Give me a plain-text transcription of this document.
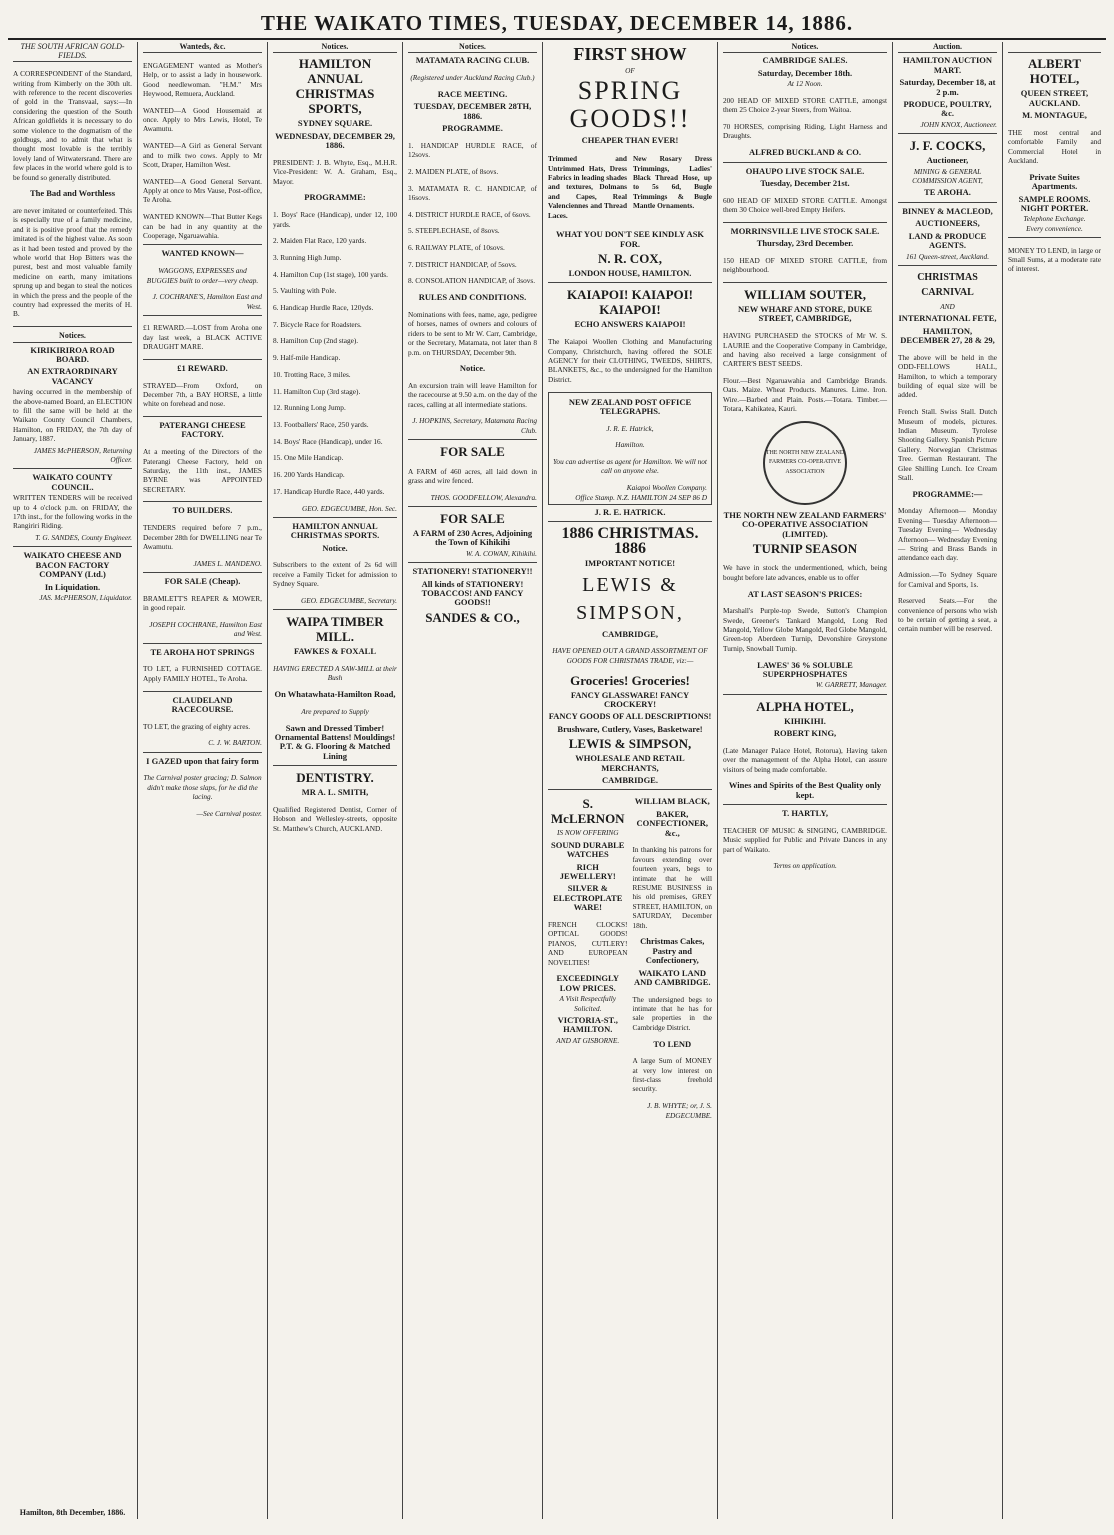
THE WAIKATO TIMES, TUESDAY, DECEMBER 14, 1886.
THE SOUTH AFRICAN GOLD-FIELDS.

A CORRESPONDENT of the Standard, writing from Kimberly on the 30th ult. with reference to the recent discoveries of gold in the Transvaal, says:—In considering the question of the South African goldfields it is necessary to do some violence to the dogmatism of the goldbugs, and to admit that what is thought most lovable is the terribly lovely land of Witwatersrand. There are few places in the world where gold is to be found so generally distributed.

The Bad and Worthless

are never imitated or counterfeited. This is especially true of a family medicine, and it is positive proof that the remedy imitated is of the highest value. As soon as it had been tested and proved by the whole world that Hop Bitters was the purest, best and most valuable family medicine on earth, many imitations sprung up and began to steal the notices in which the press and the people of the country had expressed the merits of H. B.

Notices.
KIRIKIRIROA ROAD BOARD.
AN EXTRAORDINARY VACANCY

having occurred in the membership of the above-named Board, an ELECTION to fill the same will be held at the Waikato County Council Chambers, Hamilton, on FRIDAY, the 7th day of January, 1887.

JAMES McPHERSON, Returning Officer.
WAIKATO COUNTY COUNCIL.

WRITTEN TENDERS will be received up to 4 o'clock p.m. on FRIDAY, the 17th inst., for the following works in the Rangiriri Riding.

T. G. SANDES, County Engineer.
WAIKATO CHEESE AND BACON FACTORY COMPANY (Ltd.)
In Liquidation.
JAS. McPHERSON, Liquidator.
Hamilton, 8th December, 1886.
Wanteds, &c.

ENGAGEMENT wanted as Mother's Help, or to assist a lady in housework. Good needlewoman. "H.M." Mrs Heywood, Remuera, Auckland.

WANTED—A Good Housemaid at once. Apply to Mrs Lewis, Hotel, Te Awamutu.

WANTED—A Girl as General Servant and to milk two cows. Apply to Mr Scott, Draper, Hamilton West.

WANTED—A Good General Servant. Apply at once to Mrs Vause, Post-office, Te Aroha.

WANTED KNOWN—That Butter Kegs can be had in any quantity at the Cooperage, Ngaruawahia.

WANTED KNOWN—

WAGGONS, EXPRESSES and BUGGIES built to order—very cheap.

J. COCHRANE'S, Hamilton East and West.

£1 REWARD.—LOST from Aroha one day last week, a BLACK ACTIVE DRAUGHT MARE.

£1 REWARD.

STRAYED—From Oxford, on December 7th, a BAY HORSE, a little white on forehead and nose.

PATERANGI CHEESE FACTORY.

At a meeting of the Directors of the Paterangi Cheese Factory, held on Saturday, the 11th inst., JAMES BYRNE was APPOINTED SECRETARY.

TO BUILDERS.

TENDERS required before 7 p.m., December 28th for DWELLING near Te Awamutu.

JAMES L. MANDENO.
FOR SALE (Cheap).

BRAMLETT'S REAPER & MOWER, in good repair.

JOSEPH COCHRANE, Hamilton East and West.
TE AROHA HOT SPRINGS

TO LET, a FURNISHED COTTAGE. Apply FAMILY HOTEL, Te Aroha.

CLAUDELAND RACECOURSE.

TO LET, the grazing of eighty acres.

C. J. W. BARTON.
I GAZED upon that fairy form

The Carnival poster gracing; D. Salmon didn't make those slaps, for he did the lacing.

—See Carnival poster.
Notices.
HAMILTON ANNUAL CHRISTMAS SPORTS,
SYDNEY SQUARE.
WEDNESDAY, DECEMBER 29, 1886.

PRESIDENT: J. B. Whyte, Esq., M.H.R. Vice-President: W. A. Graham, Esq., Mayor.

PROGRAMME:

1. Boys' Race (Handicap), under 12, 100 yards.

2. Maiden Flat Race, 120 yards.

3. Running High Jump.

4. Hamilton Cup (1st stage), 100 yards.

5. Vaulting with Pole.

6. Handicap Hurdle Race, 120yds.

7. Bicycle Race for Roadsters.

8. Hamilton Cup (2nd stage).

9. Half-mile Handicap.

10. Trotting Race, 3 miles.

11. Hamilton Cup (3rd stage).

12. Running Long Jump.

13. Footballers' Race, 250 yards.

14. Boys' Race (Handicap), under 16.

15. One Mile Handicap.

16. 200 Yards Handicap.

17. Handicap Hurdle Race, 440 yards.

GEO. EDGECUMBE, Hon. Sec.
HAMILTON ANNUAL CHRISTMAS SPORTS.
Notice.

Subscribers to the extent of 2s 6d will receive a Family Ticket for admission to Sydney Square.

GEO. EDGECUMBE, Secretary.
WAIPA TIMBER MILL.
FAWKES & FOXALL

HAVING ERECTED A SAW-MILL at their Bush

On Whatawhata-Hamilton Road,

Are prepared to Supply

Sawn and Dressed Timber! Ornamental Battens! Mouldings! P.T. & G. Flooring & Matched Lining
DENTISTRY.
MR A. L. SMITH,

Qualified Registered Dentist, Corner of Hobson and Wellesley-streets, opposite St. Matthew's Church, AUCKLAND.

Notices.
MATAMATA RACING CLUB.

(Registered under Auckland Racing Club.)

RACE MEETING.
TUESDAY, DECEMBER 28TH, 1886.
PROGRAMME.

1. HANDICAP HURDLE RACE, of 12sovs.

2. MAIDEN PLATE, of 8sovs.

3. MATAMATA R. C. HANDICAP, of 16sovs.

4. DISTRICT HURDLE RACE, of 6sovs.

5. STEEPLECHASE, of 8sovs.

6. RAILWAY PLATE, of 10sovs.

7. DISTRICT HANDICAP, of 5sovs.

8. CONSOLATION HANDICAP, of 3sovs.

RULES AND CONDITIONS.

Nominations with fees, name, age, pedigree of horses, names of owners and colours of riders to be sent to Mr W. Carr, Cambridge, or the Secretary, Matamata, not later than 8 p.m. on THURSDAY, December 9th.

Notice.

An excursion train will leave Hamilton for the racecourse at 9.50 a.m. on the day of the races, calling at all intermediate stations.

J. HOPKINS, Secretary, Matamata Racing Club.
FOR SALE

A FARM of 460 acres, all laid down in grass and wire fenced.

THOS. GOODFELLOW, Alexandra.
FOR SALE

A FARM of 230 Acres, Adjoining the Town of Kihikihi

W. A. COWAN, Kihikihi.
STATIONERY! STATIONERY!!

All kinds of STATIONERY! TOBACCOS! AND FANCY GOODS!!

SANDES & CO.,
FIRST SHOW
OF
SPRING GOODS!!
CHEAPER THAN EVER!

Trimmed and Untrimmed Hats, Dress Fabrics in leading shades and textures, Dolmans and Capes, Real Valenciennes and Thread Laces.

New Rosary Dress Trimmings, Ladies' Black Thread Hose, up to 5s 6d, Bugle Trimmings & Bugle Mantle Ornaments.

WHAT YOU DON'T SEE KINDLY ASK FOR.
N. R. COX,
LONDON HOUSE, HAMILTON.
KAIAPOI! KAIAPOI! KAIAPOI!
ECHO ANSWERS KAIAPOI!

The Kaiapoi Woollen Clothing and Manufacturing Company, Christchurch, having offered the SOLE AGENCY for their CLOTHING, TWEEDS, SHIRTS, BLANKETS, &c., to the undersigned for the Hamilton District.

NEW ZEALAND POST OFFICE TELEGRAPHS.

J. R. E. Hatrick,

Hamilton.

You can advertise as agent for Hamilton. We will not call on anyone else.

Kaiapoi Woollen Company.
Office Stamp. N.Z. HAMILTON 24 SEP 86 D
J. R. E. HATRICK.
1886 CHRISTMAS. 1886
IMPORTANT NOTICE!
LEWIS & SIMPSON,
CAMBRIDGE,

HAVE OPENED OUT A GRAND ASSORTMENT OF GOODS FOR CHRISTMAS TRADE, viz:—

Groceries! Groceries!
FANCY GLASSWARE! FANCY CROCKERY!
FANCY GOODS OF ALL DESCRIPTIONS!
Brushware, Cutlery, Vases, Basketware!
LEWIS & SIMPSON,
WHOLESALE AND RETAIL MERCHANTS,
CAMBRIDGE.
S. McLERNON
IS NOW OFFERING
SOUND DURABLE WATCHES
RICH JEWELLERY!
SILVER & ELECTROPLATE WARE!

FRENCH CLOCKS! OPTICAL GOODS! PIANOS, CUTLERY! AND EUROPEAN NOVELTIES!

EXCEEDINGLY LOW PRICES.
A Visit Respectfully Solicited.
VICTORIA-ST., HAMILTON.
AND AT GISBORNE.
WILLIAM BLACK,
BAKER, CONFECTIONER, &c.,

In thanking his patrons for favours extending over fourteen years, begs to intimate that he will RESUME BUSINESS in his old premises, GREY STREET, HAMILTON, on SATURDAY, December 18th.

Christmas Cakes, Pastry and Confectionery,
WAIKATO LAND AND CAMBRIDGE.

The undersigned begs to intimate that he has for sale properties in the Cambridge District.

TO LEND

A large Sum of MONEY at very low interest on first-class freehold security.

J. B. WHYTE; or, J. S. EDGECUMBE.
Notices.
CAMBRIDGE SALES.
Saturday, December 18th.
At 12 Noon.

200 HEAD OF MIXED STORE CATTLE, amongst them 25 Choice 2-year Steers, from Waitoa.

70 HORSES, comprising Riding, Light Harness and Draughts.

ALFRED BUCKLAND & CO.
OHAUPO LIVE STOCK SALE.
Tuesday, December 21st.

600 HEAD OF MIXED STORE CATTLE. Amongst them 30 Choice well-bred Empty Heifers.

MORRINSVILLE LIVE STOCK SALE.
Thursday, 23rd December.

150 HEAD OF MIXED STORE CATTLE, from neighbourhood.

WILLIAM SOUTER,
NEW WHARF AND STORE, DUKE STREET, CAMBRIDGE,

HAVING PURCHASED the STOCKS of Mr W. S. LAURIE and the Cooperative Company in Cambridge, and having also received a large consignment of CARTER'S BEST SEEDS.

Flour.—Best Ngaruawahia and Cambridge Brands. Oats. Maize. Wheat Products. Manures. Lime. Iron. Wire.—Barbed and Plain. Posts.—Totara. Timber.—Totara, Kahikatea, Kauri.

THE NORTH NEW ZEALAND FARMERS CO-OPERATIVE ASSOCIATION
THE NORTH NEW ZEALAND FARMERS' CO-OPERATIVE ASSOCIATION (LIMITED).
TURNIP SEASON

We have in stock the undermentioned, which, being bought before late advances, enable us to offer

AT LAST SEASON'S PRICES:

Marshall's Purple-top Swede, Sutton's Champion Swede, Greener's Tankard Mangold, Long Red Mangold, Yellow Globe Mangold, Red Globe Mangold, Green-top Aberdeen Turnip, Devonshire Greystone Turnip, Snowball Turnip.

LAWES' 36 % SOLUBLE SUPERPHOSPHATES
W. GARRETT, Manager.
ALPHA HOTEL,
KIHIKIHI.
ROBERT KING,

(Late Manager Palace Hotel, Rotorua), Having taken over the management of the Alpha Hotel, can assure visitors of being made comfortable.

Wines and Spirits of the Best Quality only kept.
T. HARTLY,

TEACHER OF MUSIC & SINGING, CAMBRIDGE. Music supplied for Public and Private Dances in any part of Waikato.

Terms on application.
Auction.
HAMILTON AUCTION MART.
Saturday, December 18, at 2 p.m.
PRODUCE, POULTRY, &c.
JOHN KNOX, Auctioneer.
J. F. COCKS,
Auctioneer,
MINING & GENERAL COMMISSION AGENT,
TE AROHA.
BINNEY & MACLEOD,
AUCTIONEERS,
LAND & PRODUCE AGENTS.
161 Queen-street, Auckland.
CHRISTMAS CARNIVAL
AND
INTERNATIONAL FETE,
HAMILTON, DECEMBER 27, 28 & 29,

The above will be held in the ODD-FELLOWS HALL, Hamilton, to which a temporary building of equal size will be added.

French Stall. Swiss Stall. Dutch Museum of models, pictures. Indian Museum. Tyrolese Shooting Gallery. Spanish Picture Gallery. Norwegian Christmas Tree. German Restaurant. The Glee Shilling Lunch. Ice Cream Stall.

PROGRAMME:—

Monday Afternoon— Monday Evening— Tuesday Afternoon— Tuesday Evening— Wednesday Afternoon— Wednesday Evening— String and Brass Bands in attendance each day.

Admission.—To Sydney Square for Carnival and Sports, 1s.

Reserved Seats.—For the convenience of persons who wish to be certain of getting a seat, a certain number will be reserved.

ALBERT HOTEL,
QUEEN STREET, AUCKLAND.
M. MONTAGUE,

THE most central and comfortable Family and Commercial Hotel in Auckland.

Private Suites Apartments.
SAMPLE ROOMS. NIGHT PORTER.
Telephone Exchange.
Every convenience.

MONEY TO LEND, in large or Small Sums, at a moderate rate of interest.
